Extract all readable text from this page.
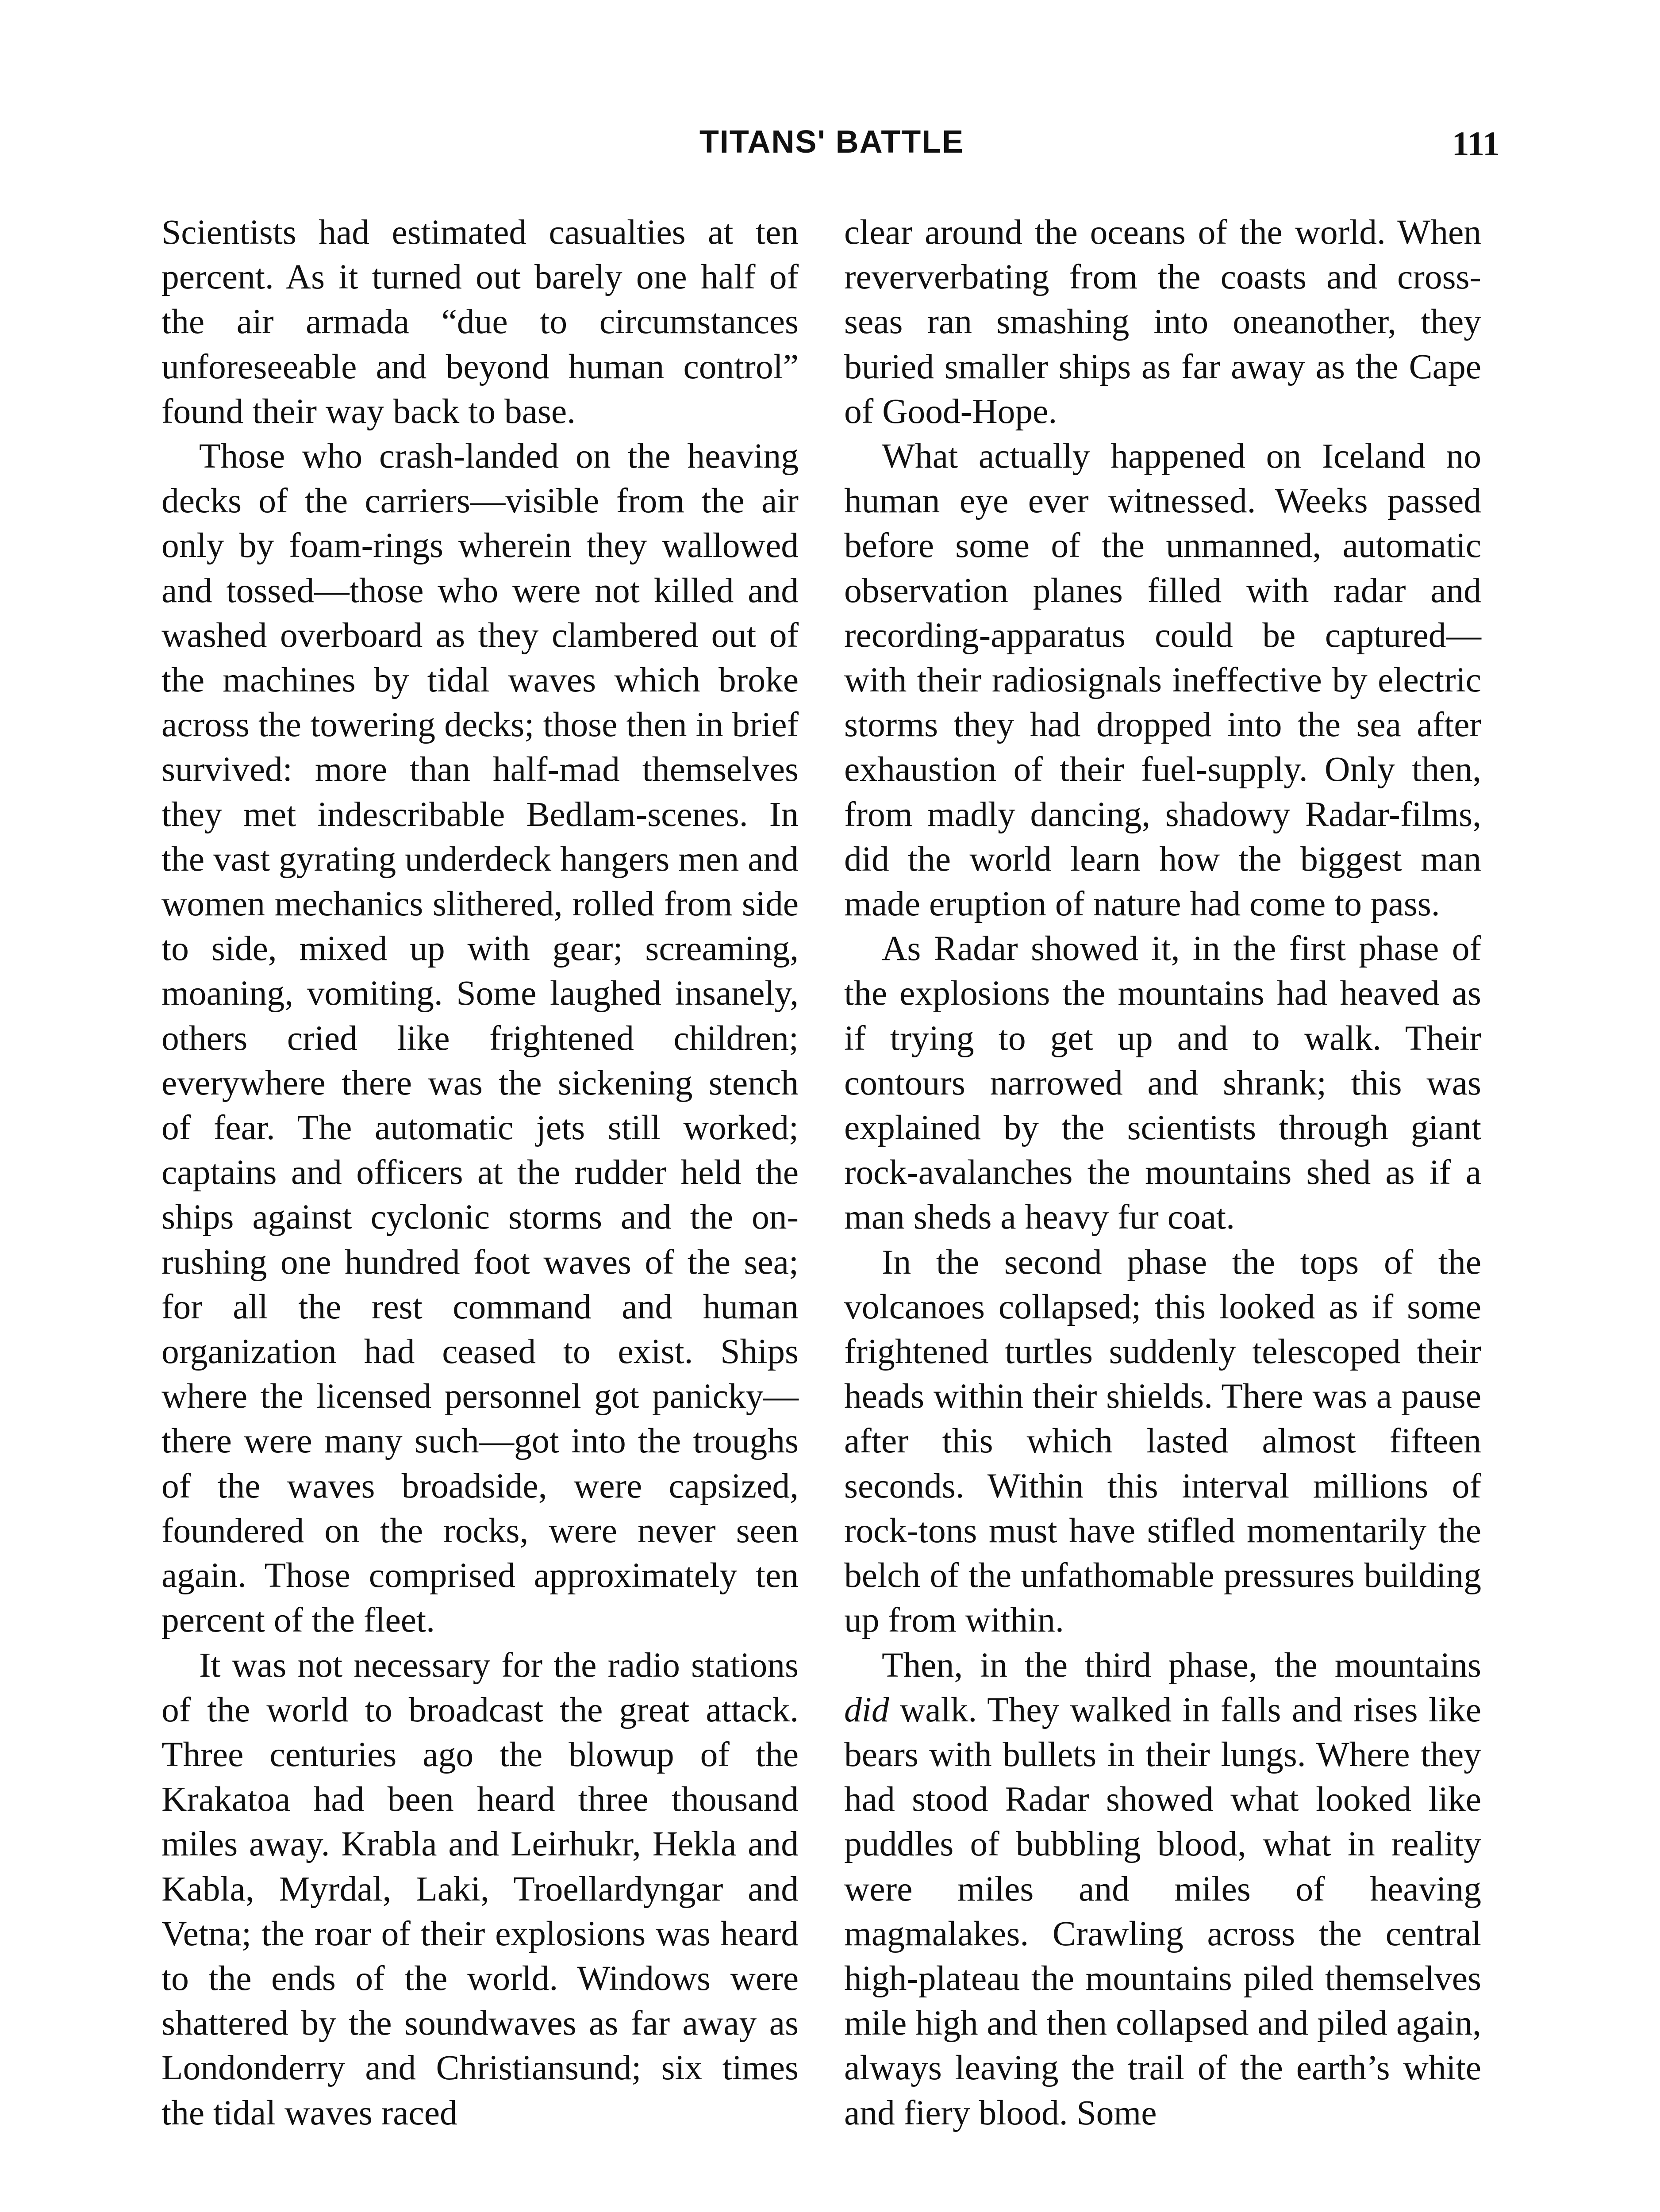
TITANS' BATTLE	111

Scientists had estimated casualties at ten percent. As it turned out barely one half of the air armada “due to circumstances unforeseeable and beyond human control” found their way back to base.

Those who crash-landed on the heaving decks of the carriers—visible from the air only by foam-rings wherein they wallowed and tossed—those who were not killed and washed overboard as they clambered out of the machines by tidal waves which broke across the towering decks; those then in brief survived: more than half-mad themselves they met indescribable Bedlam-scenes. In the vast gyrating underdeck hangers men and women mechanics slithered, rolled from side to side, mixed up with gear; screaming, moaning, vomiting. Some laughed insanely, others cried like frightened children; everywhere there was the sickening stench of fear. The automatic jets still worked; captains and officers at the rudder held the ships against cyclonic storms and the on-rushing one hundred foot waves of the sea; for all the rest command and human organization had ceased to exist. Ships where the licensed personnel got panicky—there were many such—got into the troughs of the waves broadside, were capsized, foundered on the rocks, were never seen again. Those comprised approximately ten percent of the fleet.

It was not necessary for the radio stations of the world to broadcast the great attack. Three centuries ago the blowup of the Krakatoa had been heard three thousand miles away. Krabla and Leirhukr, Hekla and Kabla, Myrdal, Laki, Troellardyngar and Vetna; the roar of their explosions was heard to the ends of the world. Windows were shattered by the soundwaves as far away as Londonderry and Christiansund; six times the tidal waves raced

clear around the oceans of the world. When reververbating from the coasts and cross-seas ran smashing into oneanother, they buried smaller ships as far away as the Cape of Good-Hope.

What actually happened on Iceland no human eye ever witnessed. Weeks passed before some of the unmanned, automatic observation planes filled with radar and recording-apparatus could be captured—with their radiosignals ineffective by electric storms they had dropped into the sea after exhaustion of their fuel-supply. Only then, from madly dancing, shadowy Radar-films, did the world learn how the biggest man made eruption of nature had come to pass.

As Radar showed it, in the first phase of the explosions the mountains had heaved as if trying to get up and to walk. Their contours narrowed and shrank; this was explained by the scientists through giant rock-avalanches the mountains shed as if a man sheds a heavy fur coat.

In the second phase the tops of the volcanoes collapsed; this looked as if some frightened turtles suddenly telescoped their heads within their shields. There was a pause after this which lasted almost fifteen seconds. Within this interval millions of rock-tons must have stifled momentarily the belch of the unfathomable pressures building up from within.

Then, in the third phase, the mountains did walk. They walked in falls and rises like bears with bullets in their lungs. Where they had stood Radar showed what looked like puddles of bubbling blood, what in reality were miles and miles of heaving magmalakes. Crawling across the central high-plateau the mountains piled themselves mile high and then collapsed and piled again, always leaving the trail of the earth’s white and fiery blood. Some
